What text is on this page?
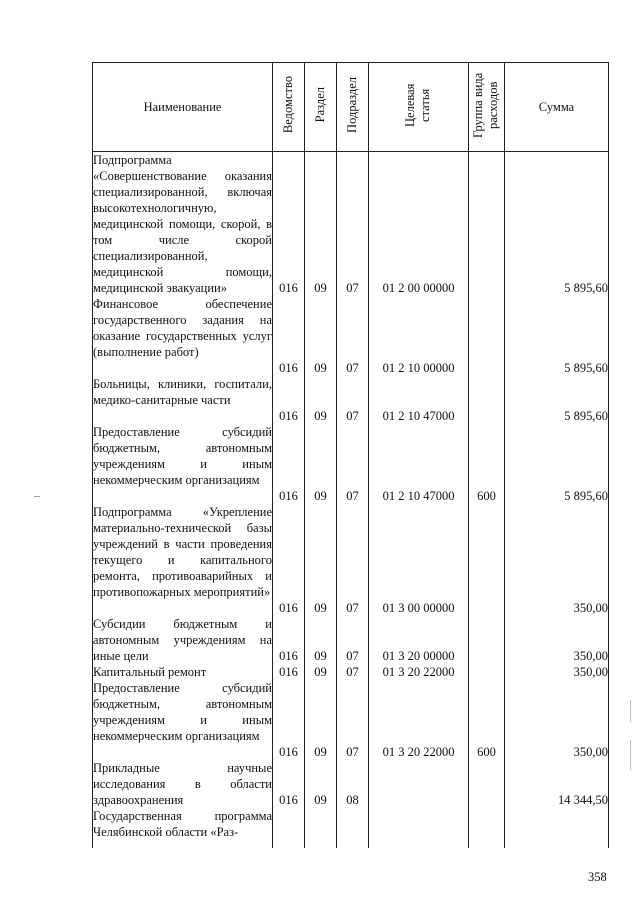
Наименование	Ведомство	Раздел	Подраздел	Целевая статья	Группа вида расходов	Сумма
Подпрограмма «Совершенствование оказания специализированной, включая высокотехнологичную, медицинской помощи, скорой, в том числе скорой специализированной, медицинской помощи, медицинской эвакуации»	016	09	07	01 2 00 00000		5 895,60
Финансовое обеспечение государственного задания на оказание государственных услуг (выполнение работ)	016	09	07	01 2 10 00000		5 895,60
Больницы, клиники, госпитали, медико-санитарные части	016	09	07	01 2 10 47000		5 895,60
Предоставление субсидий бюджетным, автономным учреждениям и иным некоммерческим организациям	016	09	07	01 2 10 47000	600	5 895,60
Подпрограмма «Укрепление материально-технической базы учреждений в части проведения текущего и капитального ремонта, противоаварийных и противопожарных мероприятий»	016	09	07	01 3 00 00000		350,00
Субсидии бюджетным и автономным учреждениям на иные цели	016	09	07	01 3 20 00000		350,00
Капитальный ремонт	016	09	07	01 3 20 22000		350,00
Предоставление субсидий бюджетным, автономным учреждениям и иным некоммерческим организациям	016	09	07	01 3 20 22000	600	350,00
Прикладные научные исследования в области здравоохранения	016	09	08			14 344,50
Государственная программа Челябинской области «Раз-						
358
